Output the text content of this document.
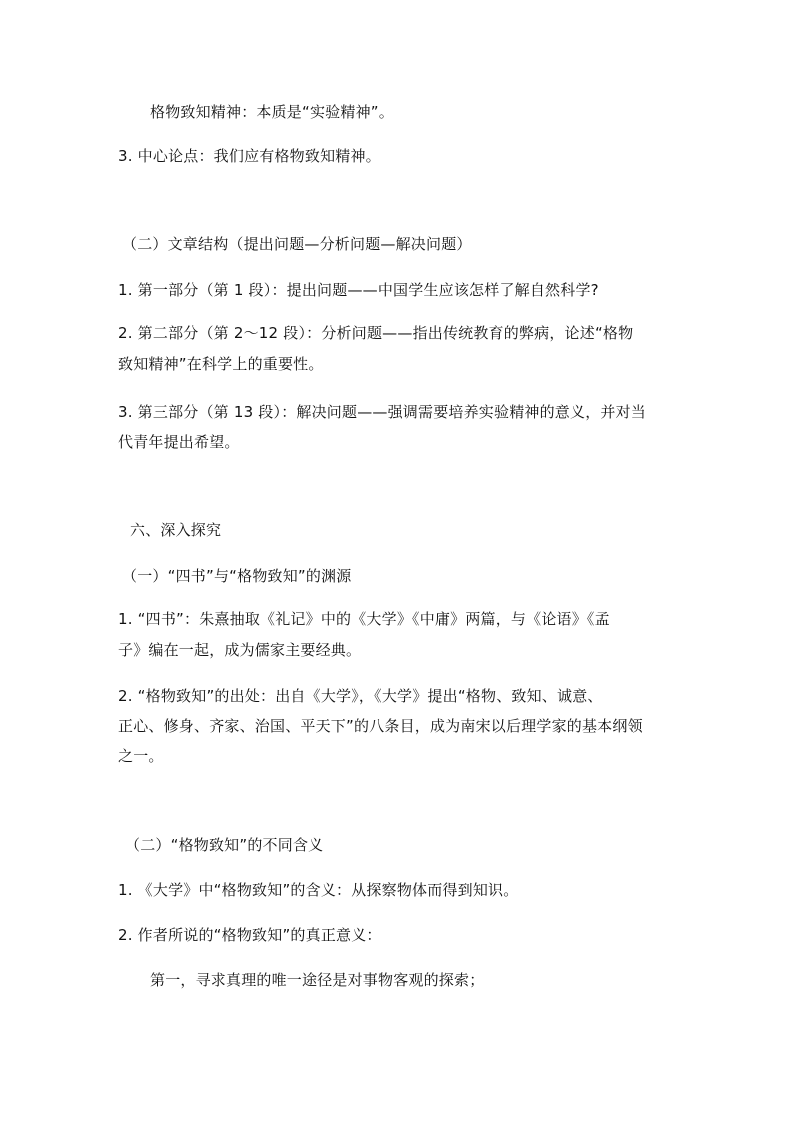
格物致知精神：本质是“实验精神”。
3. 中心论点：我们应有格物致知精神。
（二）文章结构（提出问题—分析问题—解决问题）
1. 第一部分（第 1 段）：提出问题——中国学生应该怎样了解自然科学?
2. 第二部分（第 2～12 段）：分析问题——指出传统教育的弊病，论述“格物
致知精神”在科学上的重要性。
3. 第三部分（第 13 段）：解决问题——强调需要培养实验精神的意义，并对当
代青年提出希望。
六、深入探究
（一）“四书”与“格物致知”的渊源
1. “四书”：朱熹抽取《礼记》中的《大学》《中庸》两篇，与《论语》《孟
子》编在一起，成为儒家主要经典。
2. “格物致知”的出处：出自《大学》，《大学》提出“格物、致知、诚意、
正心、修身、齐家、治国、平天下”的八条目，成为南宋以后理学家的基本纲领
之一。
（二）“格物致知”的不同含义
1. 《大学》中“格物致知”的含义：从探察物体而得到知识。
2. 作者所说的“格物致知”的真正意义：
第一，寻求真理的唯一途径是对事物客观的探索；
